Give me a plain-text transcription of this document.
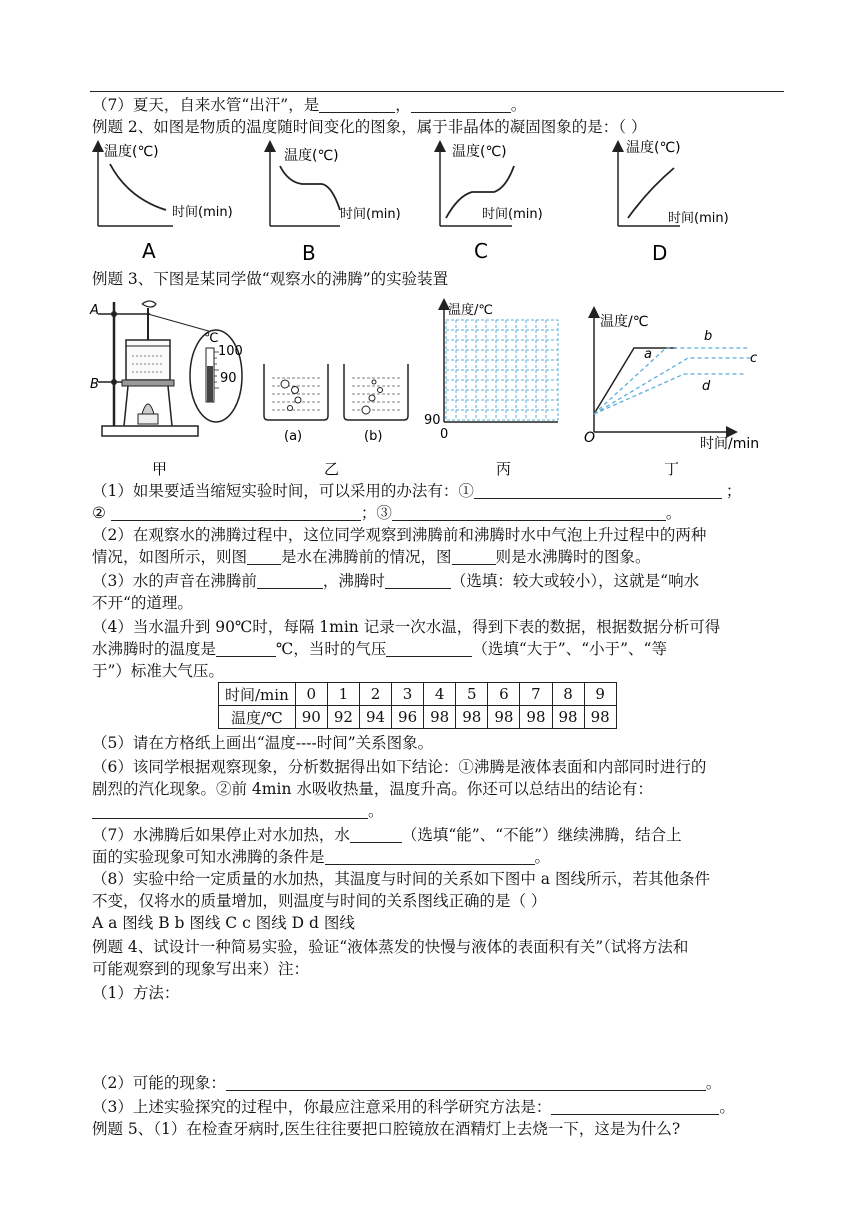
（7）夏天，自来水管“出汗”，是	，	。
例题 2、如图是物质的温度随时间变化的图象，属于非晶体的凝固图象的是：（ ）
温度(℃)
时间(min)
A
温度(℃)
时间(min)
B
温度(℃)
时间(min)
C
温度(℃)
时间(min)
D
例题 3、下图是某同学做“观察水的沸腾”的实验装置
A
B
℃
100
90
甲
(a)	(b)
乙
温度/℃
90
0
丙
温度/℃
时间/min
O
a
b
c
d
丁
（1）如果要适当缩短实验时间，可以采用的办法有：①	；
②	；③	。
（2）在观察水的沸腾过程中，这位同学观察到沸腾前和沸腾时水中气泡上升过程中的两种
情况，如图所示，则图 是水在沸腾前的情况，图	则是水沸腾时的图象。
（3）水的声音在沸腾前	，沸腾时	（选填：较大或较小），这就是“响水
不开“的道理。
（4）当水温升到 90℃时，每隔 1min 记录一次水温，得到下表的数据，根据数据分析可得
水沸腾时的温度是	℃，当时的气压	（选填“大于”、“小于”、“等
于”）标准大气压。
时间/min	0	1	2	3	4	5	6	7	8	9
温度/℃	90	92	94	96	98	98	98	98	98	98
（5）请在方格纸上画出“温度----时间”关系图象。
（6）该同学根据观察现象，分析数据得出如下结论：①沸腾是液体表面和内部同时进行的
剧烈的汽化现象。②前 4min 水吸收热量，温度升高。你还可以总结出的结论有：
。
（7）水沸腾后如果停止对水加热，水	（选填“能”、“不能”）继续沸腾，结合上
面的实验现象可知水沸腾的条件是	。
（8）实验中给一定质量的水加热，其温度与时间的关系如下图中 a 图线所示，若其他条件
不变，仅将水的质量增加，则温度与时间的关系图线正确的是（ ）
A a 图线 B b 图线 C c 图线 D d 图线
例题 4、试设计一种简易实验，验证“液体蒸发的快慢与液体的表面积有关”（试将方法和
可能观察到的现象写出来）注：
（1）方法：
（2）可能的现象：	。
（3）上述实验探究的过程中，你最应注意采用的科学研究方法是：	。
例题 5、（1）在检查牙病时,医生往往要把口腔镜放在酒精灯上去烧一下，这是为什么?
